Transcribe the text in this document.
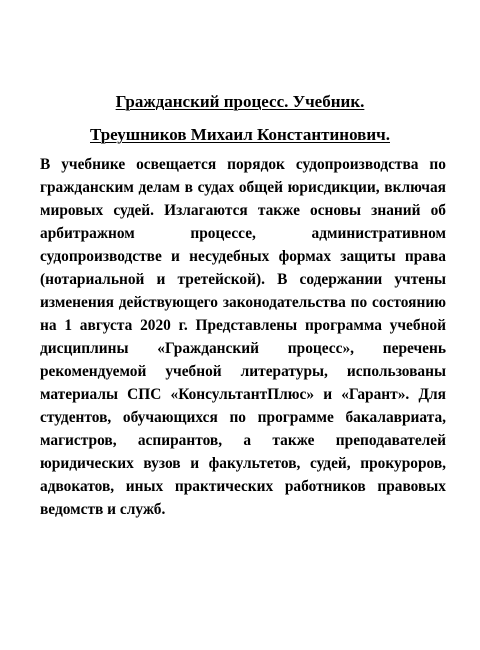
Гражданский процесс. Учебник.
Треушников Михаил Константинович.

В учебнике освещается порядок судопроизводства по гражданским делам в судах общей юрисдикции, включая мировых судей. Излагаются также основы знаний об арбитражном процессе, административном судопроизводстве и несудебных формах защиты права (нотариальной и третейской). В содержании учтены изменения действующего законодательства по состоянию на 1 августа 2020 г. Представлены программа учебной дисциплины «Гражданский процесс», перечень рекомендуемой учебной литературы, использованы материалы СПС «КонсультантПлюс» и «Гарант». Для студентов, обучающихся по программе бакалавриата, магистров, аспирантов, а также преподавателей юридических вузов и факультетов, судей, прокуроров, адвокатов, иных практических работников правовых ведомств и служб.
